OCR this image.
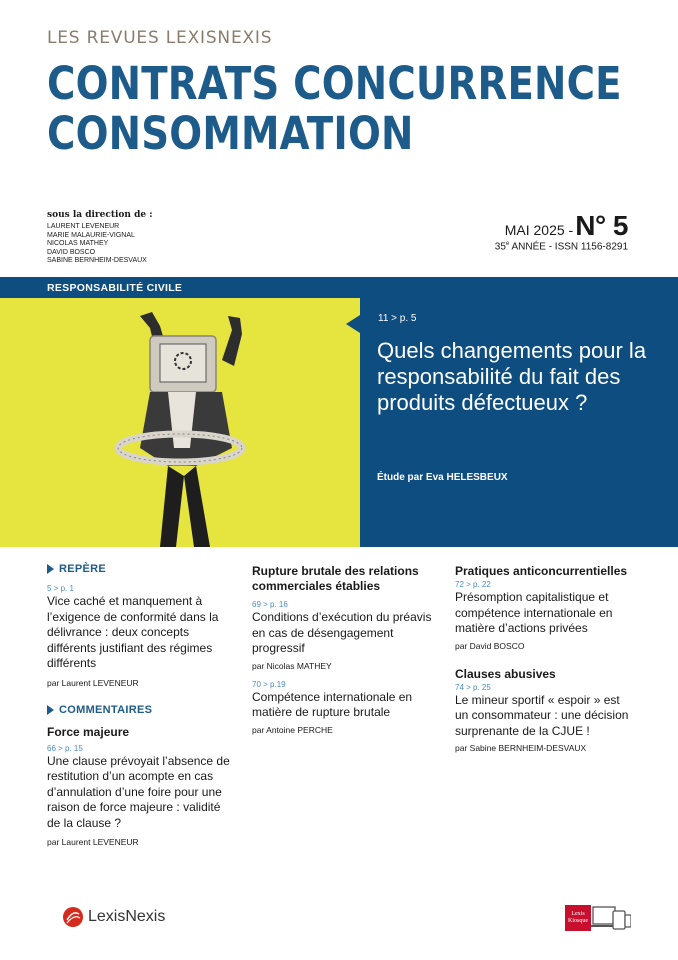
LES REVUES LEXISNEXIS
CONTRATS CONCURRENCE
CONSOMMATION
sous la direction de :
LAURENT LEVENEUR
MARIE MALAURIE-VIGNAL
NICOLAS MATHEY
DAVID BOSCO
SABINE BERNHEIM-DESVAUX
MAI 2025 - N° 5
35e ANNÉE - ISSN 1156-8291
RESPONSABILITÉ CIVILE
11 > p. 5
Quels changements pour la responsabilité du fait des produits défectueux ?
Étude par Eva HELESBEUX
REPÈRE
5 > p. 1
Vice caché et manquement à l’exigence de conformité dans la délivrance : deux concepts différents justifiant des régimes différents
par Laurent LEVENEUR
COMMENTAIRES
Force majeure
66 > p. 15
Une clause prévoyait l’absence de restitution d’un acompte en cas d’annulation d’une foire pour une raison de force majeure : validité de la clause ?
par Laurent LEVENEUR
Rupture brutale des relations commerciales établies
69 > p. 16
Conditions d’exécution du préavis en cas de désengagement progressif
par Nicolas MATHEY
70 > p.19
Compétence internationale en matière de rupture brutale
par Antoine PERCHE
Pratiques anticoncurrentielles
72 > p. 22
Présomption capitalistique et compétence internationale en matière d’actions privées
par David BOSCO
Clauses abusives
74 > p. 25
Le mineur sportif « espoir » est un consommateur : une décision surprenante de la CJUE !
par Sabine BERNHEIM-DESVAUX
LexisNexis	Lexis
Kiosque
